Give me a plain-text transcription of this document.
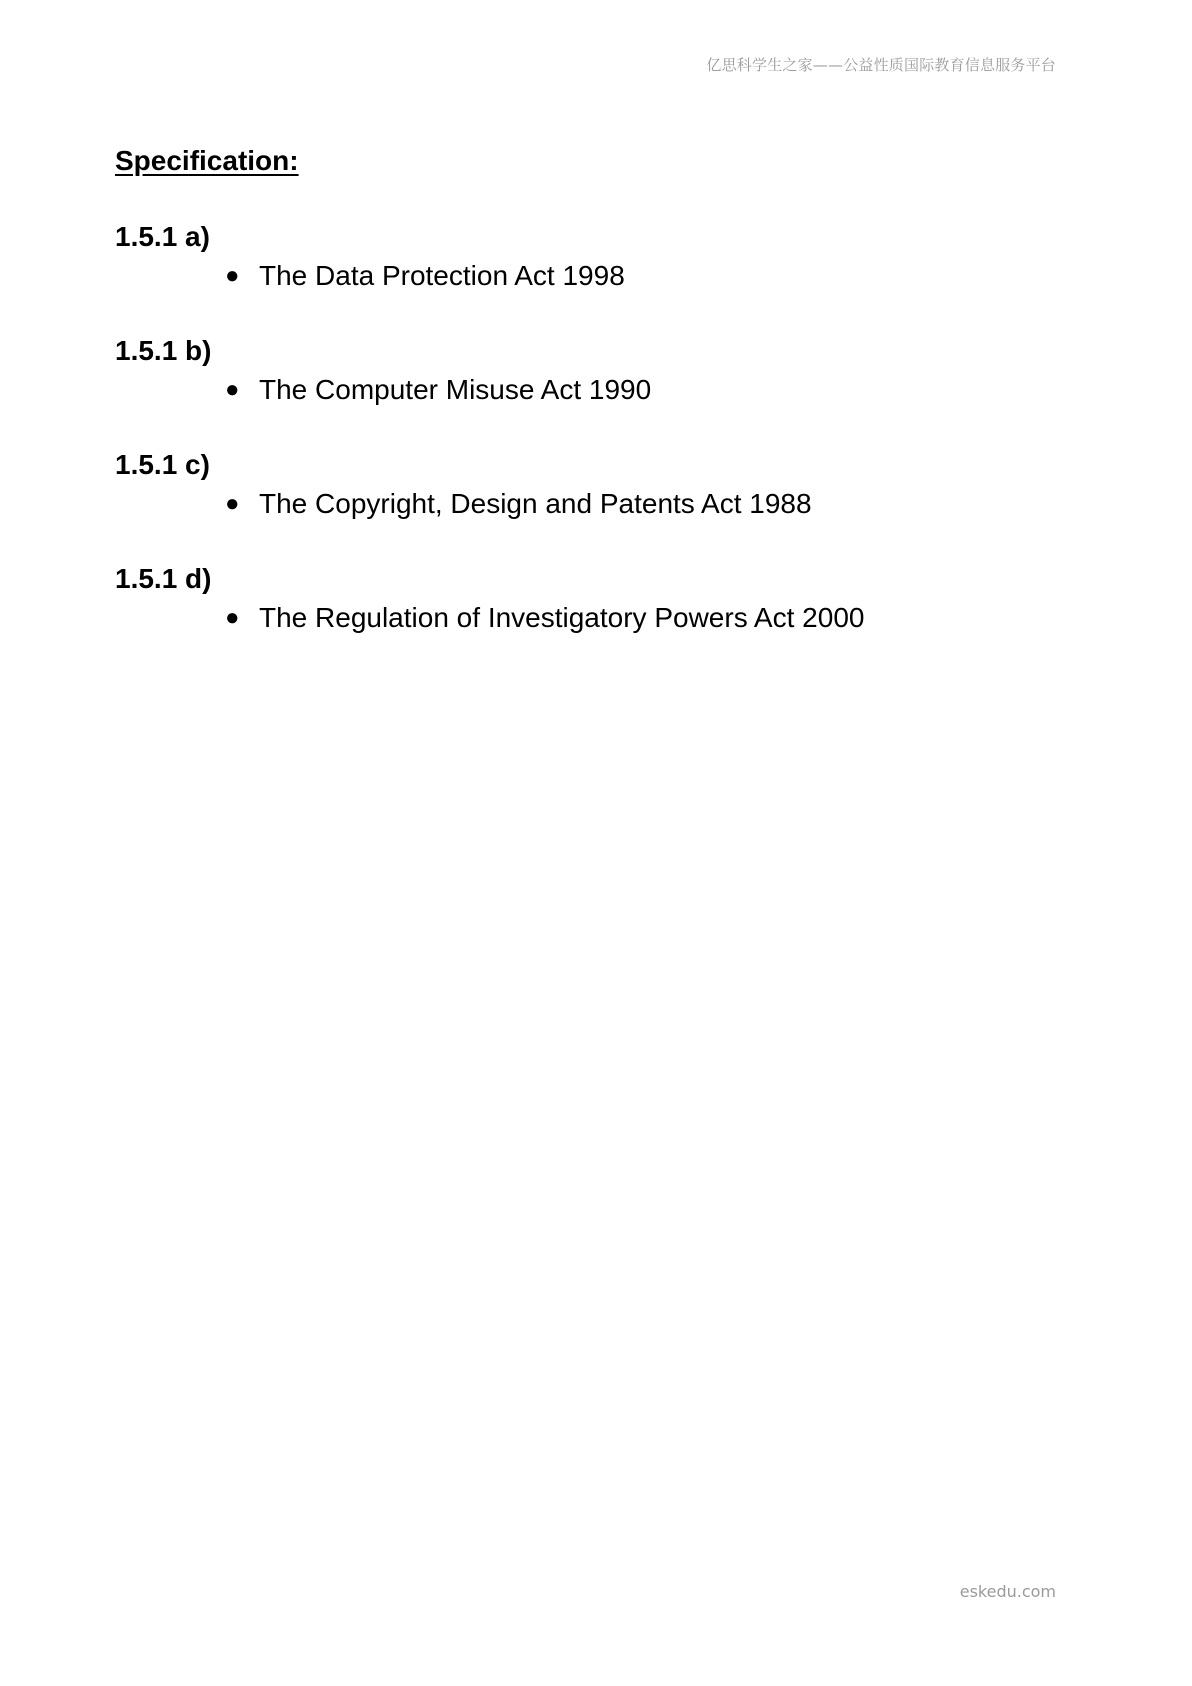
亿思科学生之家——公益性质国际教育信息服务平台
Specification:
1.5.1 a)
● The Data Protection Act 1998
1.5.1 b)
● The Computer Misuse Act 1990
1.5.1 c)
● The Copyright, Design and Patents Act 1988
1.5.1 d)
● The Regulation of Investigatory Powers Act 2000
eskedu.com
